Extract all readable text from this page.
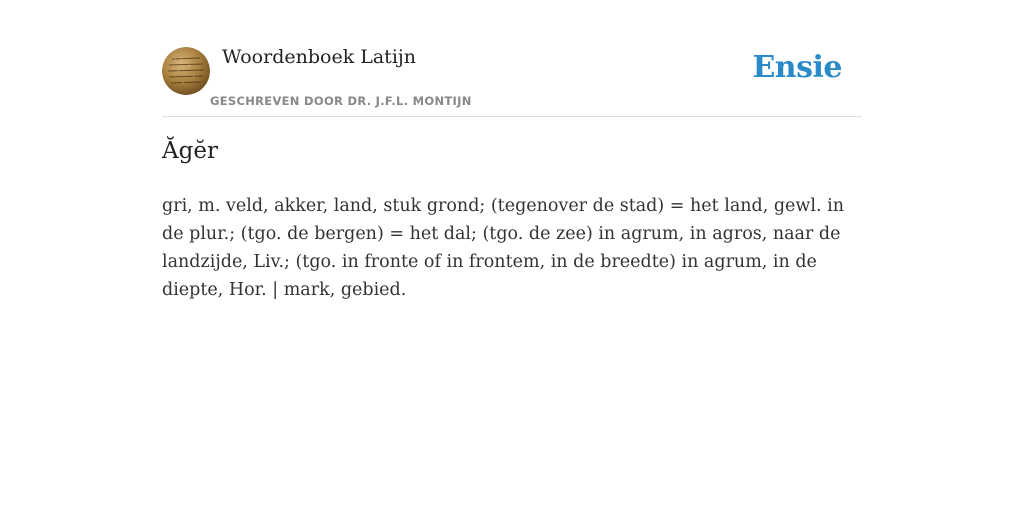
Woordenboek Latijn
GESCHREVEN DOOR DR. J.F.L. MONTIJN
Ensie
Ăgĕr

gri, m. veld, akker, land, stuk grond; (tegenover de stad) = het land, gewl. in de plur.; (tgo. de bergen) = het dal; (tgo. de zee) in agrum, in agros, naar de landzijde, Liv.; (tgo. in fronte of in frontem, in de breedte) in agrum, in de diepte, Hor. | mark, gebied.
